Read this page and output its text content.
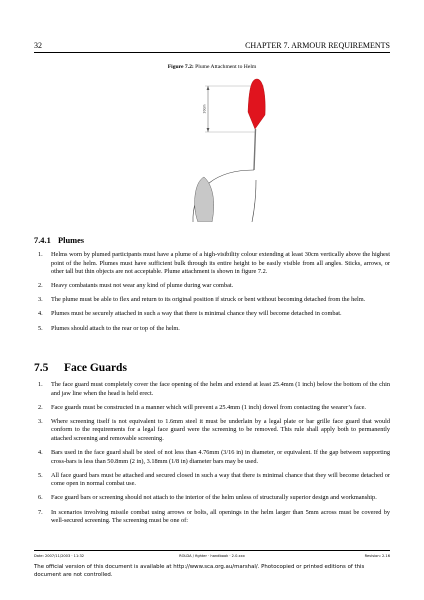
32	CHAPTER 7. ARMOUR REQUIREMENTS
Figure 7.2: Plume Attachment to Helm
30cm
7.4.1 Plumes
1. Helms worn by plumed participants must have a plume of a high-visibility colour extending at least 30cm vertically above the highest point of the helm. Plumes must have sufficient bulk through its entire height to be easily visible from all angles. Sticks, arrows, or other tall but thin objects are not acceptable. Plume attachment is shown in figure 7.2.
2. Heavy combatants must not wear any kind of plume during war combat.
3. The plume must be able to flex and return to its original position if struck or bent without becoming detached from the helm.
4. Plumes must be securely attached in such a way that there is minimal chance they will become detached in combat.
5. Plumes should attach to the rear or top of the helm.
7.5 Face Guards
1. The face guard must completely cover the face opening of the helm and extend at least 25.4mm (1 inch) below the bottom of the chin and jaw line when the head is held erect.
2. Face guards must be constructed in a manner which will prevent a 25.4mm (1 inch) dowel from contacting the wearer’s face.
3. Where screening itself is not equivalent to 1.6mm steel it must be underlain by a legal plate or bar grille face guard that would conform to the requirements for a legal face guard were the screening to be removed. This rule shall apply both to permanently attached screening and removable screening.
4. Bars used in the face guard shall be steel of not less than 4.76mm (3/16 in) in diameter, or equivalent. If the gap between supporting cross-bars is less than 50.8mm (2 in), 3.18mm (1/8 in) diameter bars may be used.
5. All face guard bars must be attached and secured closed in such a way that there is minimal chance that they will become detached or come open in normal combat use.
6. Face guard bars or screening should not attach to the interior of the helm unless of structurally superior design and workmanship.
7. In scenarios involving missile combat using arrows or bolts, all openings in the helm larger than 5mm across must be covered by well-secured screening. The screening must be one of:
Date: 2007/11/2003 · 11:32	ROLDA / fighter · handbook · 2.0.xxx	Revision: 2.16
The official version of this document is available at http://www.sca.org.au/marshal/. Photocopied or printed editions of this document are not controlled.
